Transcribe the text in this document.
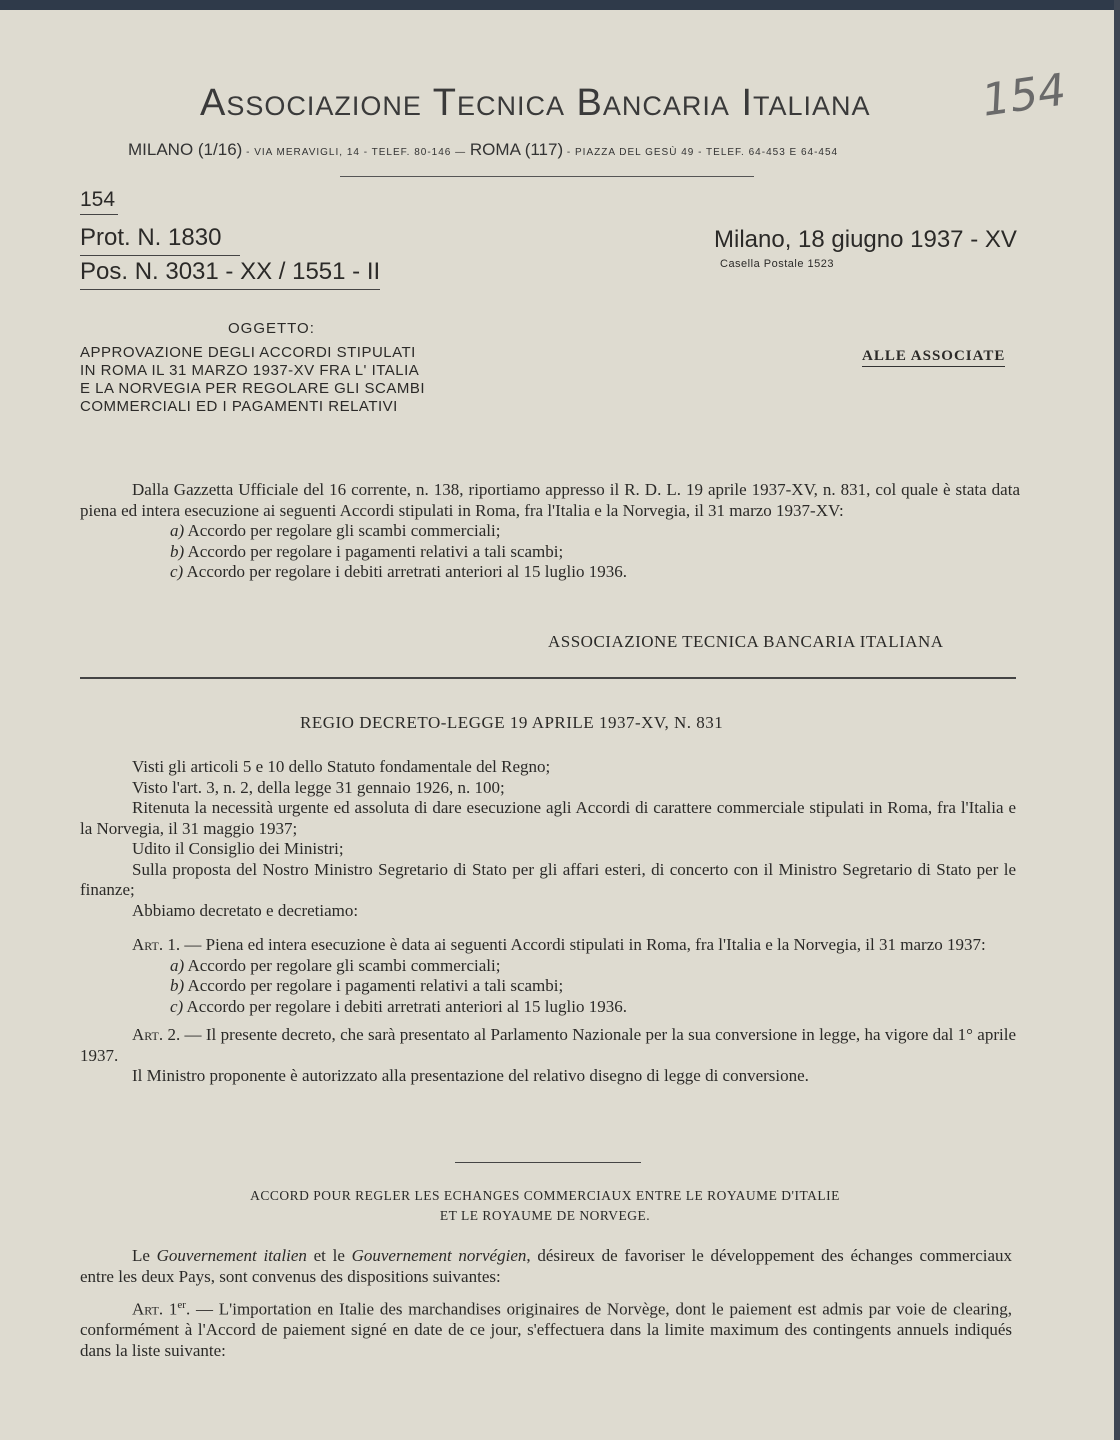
Associazione Tecnica Bancaria Italiana 154
MILANO (1/16) - VIA MERAVIGLI, 14 - TELEF. 80-146 — ROMA (117) - PIAZZA DEL GESÙ 49 - TELEF. 64-453 E 64-454
154
Prot. N. 1830
Pos. N. 3031 - XX / 1551 - II
Milano, 18 giugno 1937 - XV
Casella Postale 1523
OGGETTO:
APPROVAZIONE DEGLI ACCORDI STIPULATI
IN ROMA IL 31 MARZO 1937-XV FRA L' ITALIA
E LA NORVEGIA PER REGOLARE GLI SCAMBI
COMMERCIALI ED I PAGAMENTI RELATIVI
ALLE ASSOCIATE

Dalla Gazzetta Ufficiale del 16 corrente, n. 138, riportiamo appresso il R. D. L. 19 aprile 1937-XV, n. 831, col quale è stata data piena ed intera esecuzione ai seguenti Accordi stipulati in Roma, fra l'Italia e la Norvegia, il 31 marzo 1937-XV:

a) Accordo per regolare gli scambi commerciali;

b) Accordo per regolare i pagamenti relativi a tali scambi;

c) Accordo per regolare i debiti arretrati anteriori al 15 luglio 1936.

ASSOCIAZIONE TECNICA BANCARIA ITALIANA
REGIO DECRETO-LEGGE 19 APRILE 1937-XV, N. 831

Visti gli articoli 5 e 10 dello Statuto fondamentale del Regno;

Visto l'art. 3, n. 2, della legge 31 gennaio 1926, n. 100;

Ritenuta la necessità urgente ed assoluta di dare esecuzione agli Accordi di carattere commerciale stipulati in Roma, fra l'Italia e la Norvegia, il 31 maggio 1937;

Udito il Consiglio dei Ministri;

Sulla proposta del Nostro Ministro Segretario di Stato per gli affari esteri, di concerto con il Ministro Segretario di Stato per le finanze;

Abbiamo decretato e decretiamo:

Art. 1. — Piena ed intera esecuzione è data ai seguenti Accordi stipulati in Roma, fra l'Italia e la Norvegia, il 31 marzo 1937:

a) Accordo per regolare gli scambi commerciali;

b) Accordo per regolare i pagamenti relativi a tali scambi;

c) Accordo per regolare i debiti arretrati anteriori al 15 luglio 1936.

Art. 2. — Il presente decreto, che sarà presentato al Parlamento Nazionale per la sua conversione in legge, ha vigore dal 1° aprile 1937.

Il Ministro proponente è autorizzato alla presentazione del relativo disegno di legge di conversione.

ACCORD POUR REGLER LES ECHANGES COMMERCIAUX ENTRE LE ROYAUME D'ITALIE
ET LE ROYAUME DE NORVEGE.

Le Gouvernement italien et le Gouvernement norvégien, désireux de favoriser le développement des échanges commerciaux entre les deux Pays, sont convenus des dispositions suivantes:

Art. 1er. — L'importation en Italie des marchandises originaires de Norvège, dont le paiement est admis par voie de clearing, conformément à l'Accord de paiement signé en date de ce jour, s'effectuera dans la limite maximum des contingents annuels indiqués dans la liste suivante:
